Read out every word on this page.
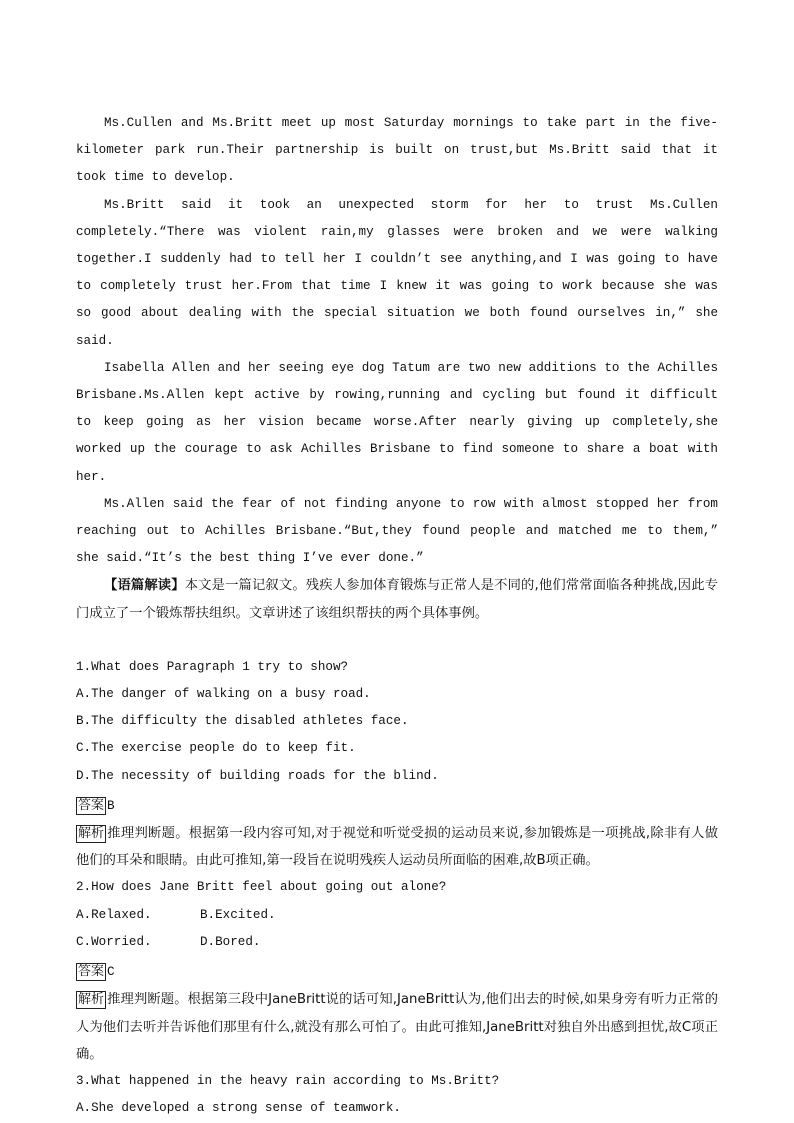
Ms.Cullen and Ms.Britt meet up most Saturday mornings to take part in the five-kilometer park run.Their partnership is built on trust,but Ms.Britt said that it took time to develop.

Ms.Britt said it took an unexpected storm for her to trust Ms.Cullen completely.“There was violent rain,my glasses were broken and we were walking together.I suddenly had to tell her I couldn’t see anything,and I was going to have to completely trust her.From that time I knew it was going to work because she was so good about dealing with the special situation we both found ourselves in,” she said.

Isabella Allen and her seeing eye dog Tatum are two new additions to the Achilles Brisbane.Ms.Allen kept active by rowing,running and cycling but found it difficult to keep going as her vision became worse.After nearly giving up completely,she worked up the courage to ask Achilles Brisbane to find someone to share a boat with her.

Ms.Allen said the fear of not finding anyone to row with almost stopped her from reaching out to Achilles Brisbane.“But,they found people and matched me to them,” she said.“It’s the best thing I’ve ever done.”

【语篇解读】本文是一篇记叙文。残疾人参加体育锻炼与正常人是不同的,他们常常面临各种挑战,因此专门成立了一个锻炼帮扶组织。文章讲述了该组织帮扶的两个具体事例。

1.What does Paragraph 1 try to show?

A.The danger of walking on a busy road.

B.The difficulty the disabled athletes face.

C.The exercise people do to keep fit.

D.The necessity of building roads for the blind.

答案 B

解析 推理判断题。根据第一段内容可知,对于视觉和听觉受损的运动员来说,参加锻炼是一项挑战,除非有人做他们的耳朵和眼睛。由此可推知,第一段旨在说明残疾人运动员所面临的困难,故B项正确。

2.How does Jane Britt feel about going out alone?

A.Relaxed.	B.Excited.
C.Worried.	D.Bored.

答案 C

解析 推理判断题。根据第三段中JaneBritt说的话可知,JaneBritt认为,他们出去的时候,如果身旁有听力正常的人为他们去听并告诉他们那里有什么,就没有那么可怕了。由此可推知,JaneBritt对独自外出感到担忧,故C项正确。

3.What happened in the heavy rain according to Ms.Britt?

A.She developed a strong sense of teamwork.
